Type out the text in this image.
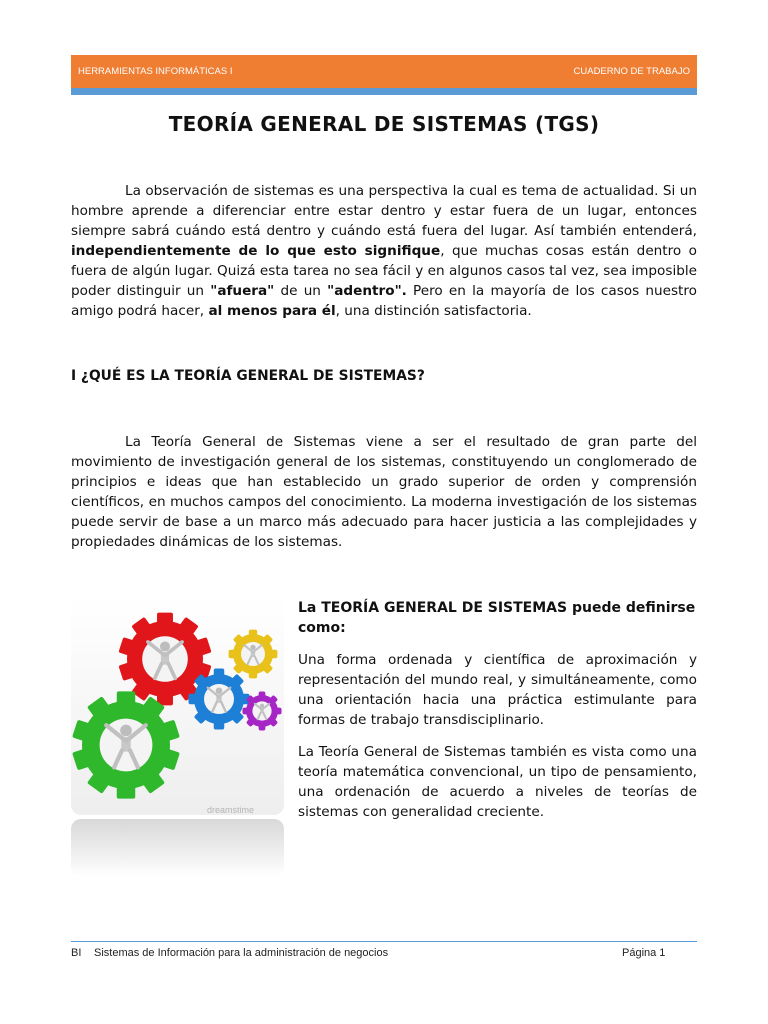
HERRAMIENTAS INFORMÁTICAS I	CUADERNO DE TRABAJO
TEORÍA GENERAL DE SISTEMAS (TGS)

La observación de sistemas es una perspectiva la cual es tema de actualidad. Si un hombre aprende a diferenciar entre estar dentro y estar fuera de un lugar, entonces siempre sabrá cuándo está dentro y cuándo está fuera del lugar. Así también entenderá, independientemente de lo que esto signifique, que muchas cosas están dentro o fuera de algún lugar. Quizá esta tarea no sea fácil y en algunos casos tal vez, sea imposible poder distinguir un "afuera" de un "adentro". Pero en la mayoría de los casos nuestro amigo podrá hacer, al menos para él, una distinción satisfactoria.

I ¿QUÉ ES LA TEORÍA GENERAL DE SISTEMAS?

La Teoría General de Sistemas viene a ser el resultado de gran parte del movimiento de investigación general de los sistemas, constituyendo un conglomerado de principios e ideas que han establecido un grado superior de orden y comprensión científicos, en muchos campos del conocimiento. La moderna investigación de los sistemas puede servir de base a un marco más adecuado para hacer justicia a las complejidades y propiedades dinámicas de los sistemas.

dreamstime
La TEORÍA GENERAL DE SISTEMAS puede definirse como:

Una forma ordenada y científica de aproximación y representación del mundo real, y simultáneamente, como una orientación hacia una práctica estimulante para formas de trabajo transdisciplinario.

La Teoría General de Sistemas también es vista como una teoría matemática convencional, un tipo de pensamiento, una ordenación de acuerdo a niveles de teorías de sistemas con generalidad creciente.

BI Sistemas de Información para la administración de negocios	Página 1
